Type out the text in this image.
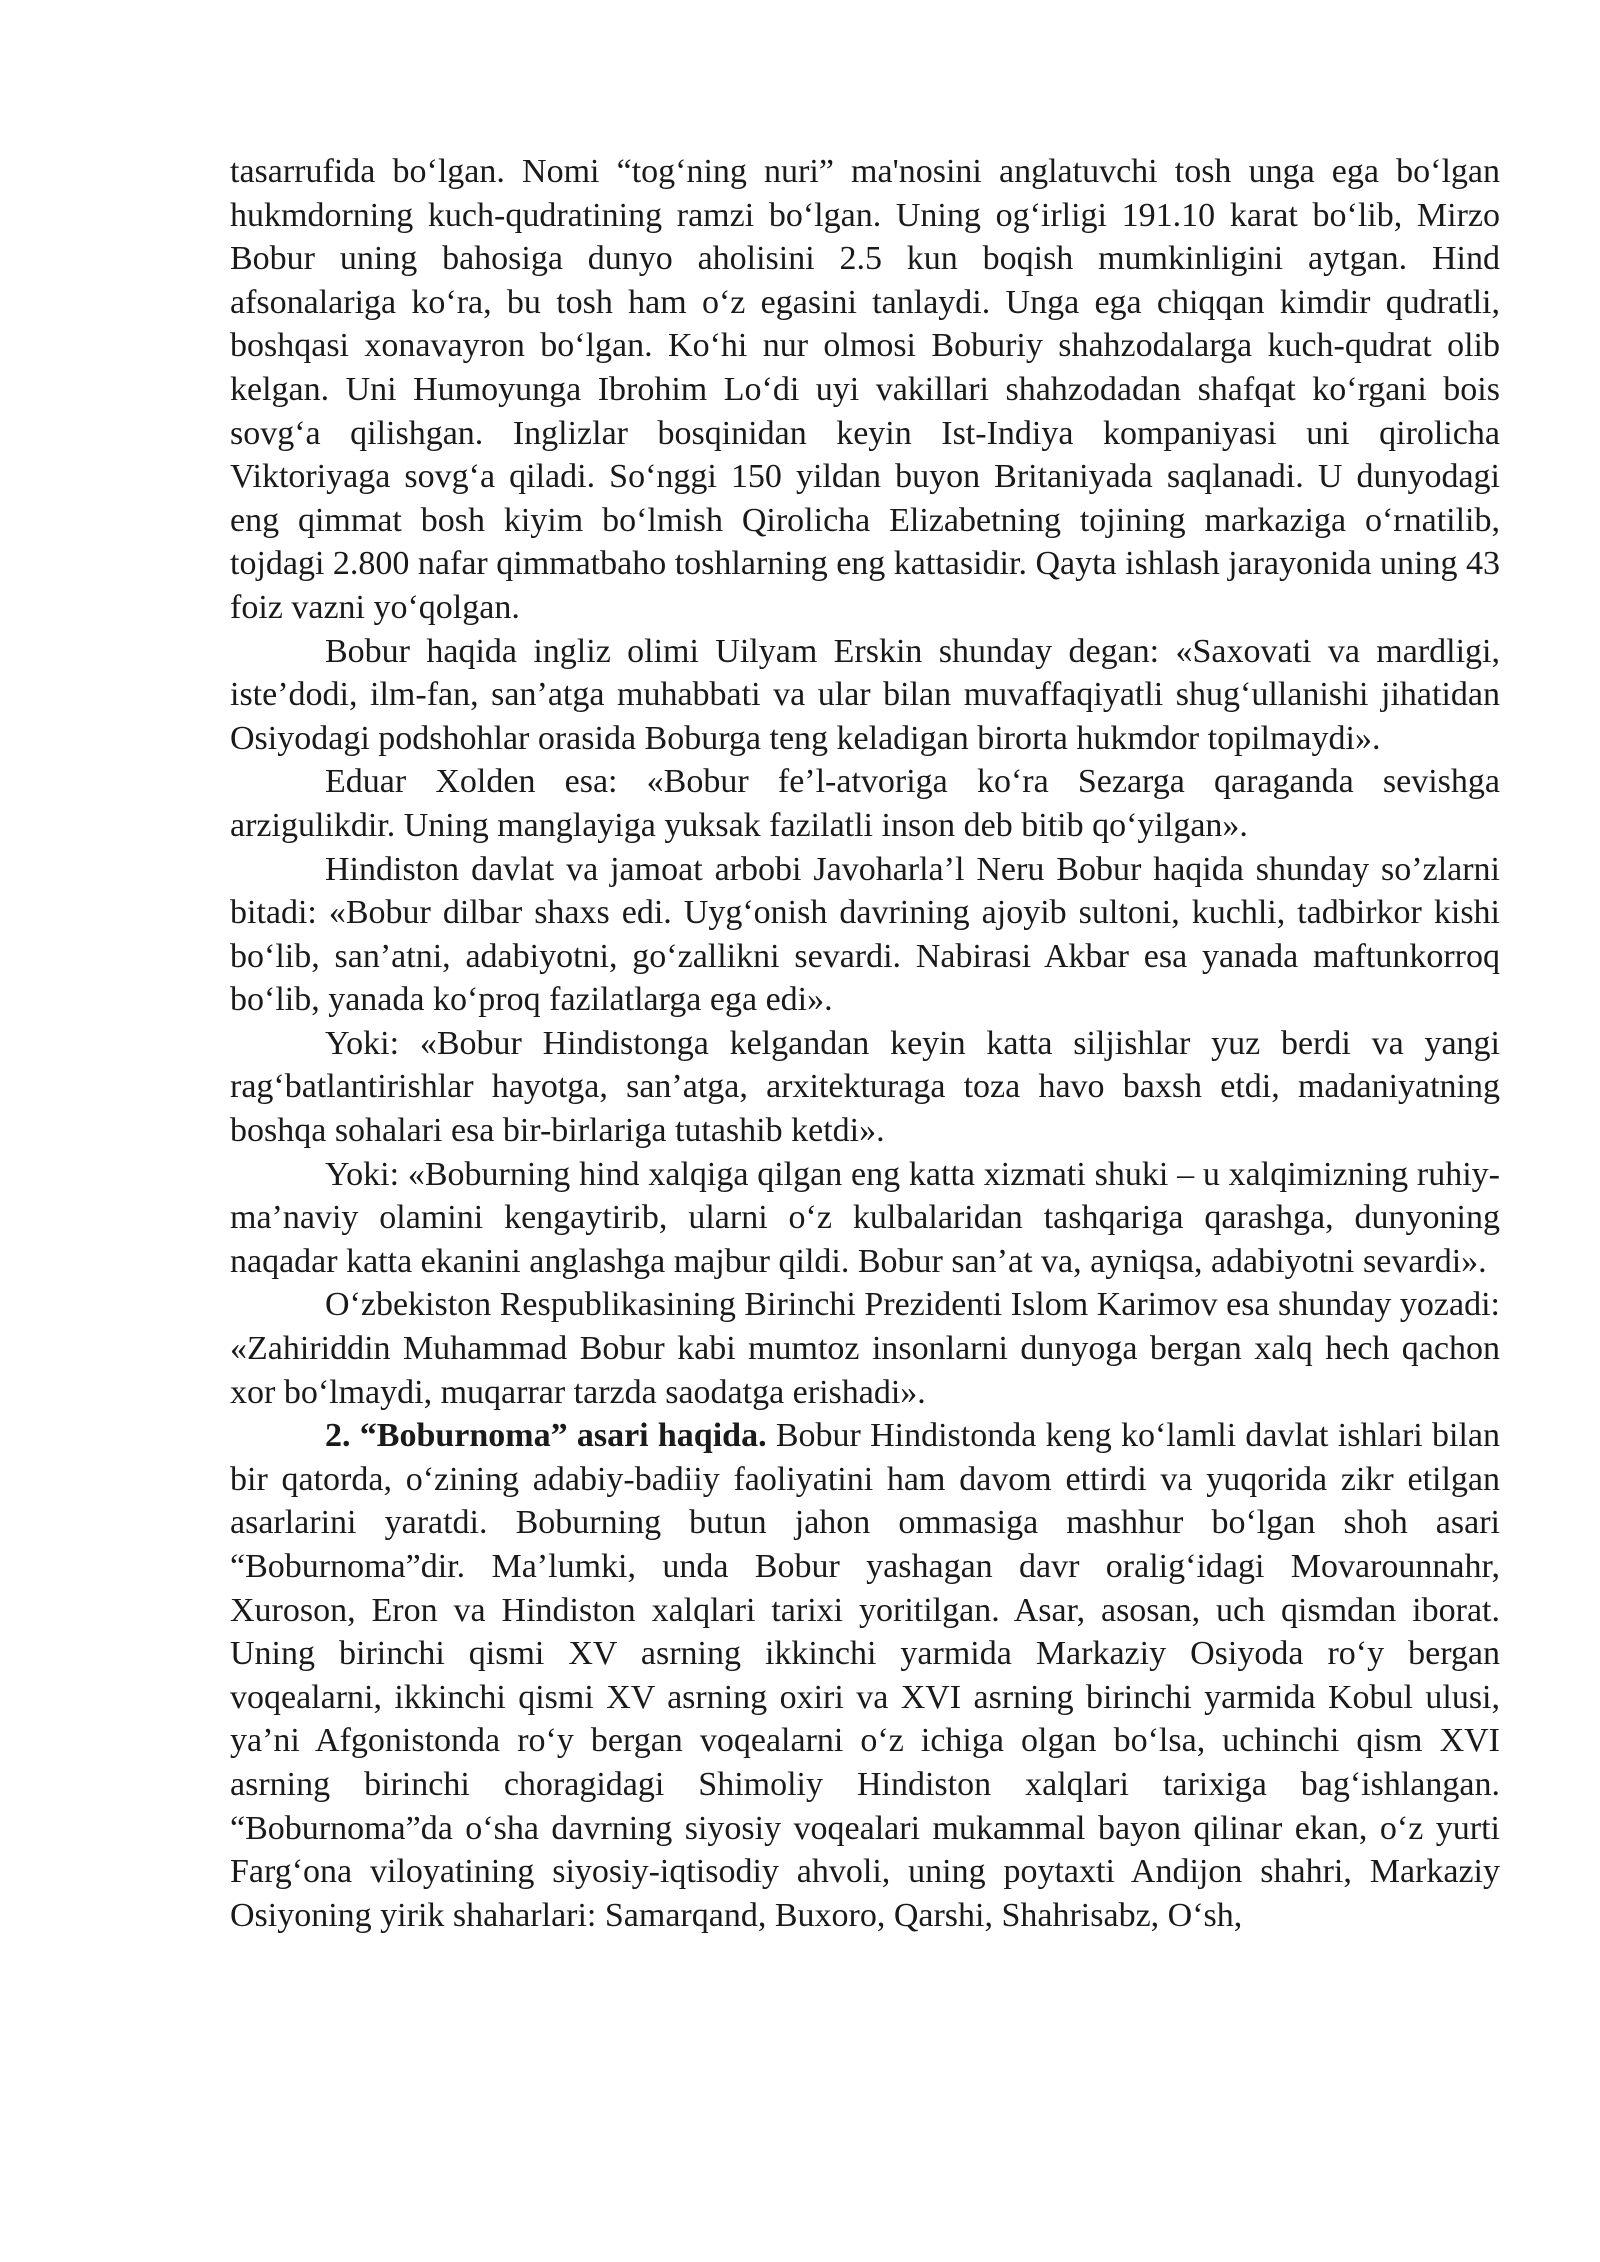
tasarrufida bo‘lgan. Nomi “tog‘ning nuri” ma'nosini anglatuvchi tosh unga ega bo‘lgan hukmdorning kuch-qudratining ramzi bo‘lgan. Uning og‘irligi 191.10 karat bo‘lib, Mirzo Bobur uning bahosiga dunyo aholisini 2.5 kun boqish mumkinligini aytgan. Hind afsonalariga ko‘ra, bu tosh ham o‘z egasini tanlaydi. Unga ega chiqqan kimdir qudratli, boshqasi xonavayron bo‘lgan. Ko‘hi nur olmosi Boburiy shahzodalarga kuch-qudrat olib kelgan. Uni Humoyunga Ibrohim Lo‘di uyi vakillari shahzodadan shafqat ko‘rgani bois sovg‘a qilishgan. Inglizlar bosqinidan keyin Ist-Indiya kompaniyasi uni qirolicha Viktoriyaga sovg‘a qiladi. So‘nggi 150 yildan buyon Britaniyada saqlanadi. U dunyodagi eng qimmat bosh kiyim bo‘lmish Qirolicha Elizabetning tojining markaziga o‘rnatilib, tojdagi 2.800 nafar qimmatbaho toshlarning eng kattasidir. Qayta ishlash jarayonida uning 43 foiz vazni yo‘qolgan.

Bobur haqida ingliz olimi Uilyam Erskin shunday degan: «Saxovati va mardligi, iste’dodi, ilm-fan, san’atga muhabbati va ular bilan muvaffaqiyatli shug‘ullanishi jihatidan Osiyodagi podshohlar orasida Boburga teng keladigan birorta hukmdor topilmaydi».

Eduar Xolden esa: «Bobur fe’l-atvoriga ko‘ra Sezarga qaraganda sevishga arzigulikdir. Uning manglayiga yuksak fazilatli inson deb bitib qo‘yilgan».

Hindiston davlat va jamoat arbobi Javoharla’l Neru Bobur haqida shunday so’zlarni bitadi: «Bobur dilbar shaxs edi. Uyg‘onish davrining ajoyib sultoni, kuchli, tadbirkor kishi bo‘lib, san’atni, adabiyotni, go‘zallikni sevardi. Nabirasi Akbar esa yanada maftunkorroq bo‘lib, yanada ko‘proq fazilatlarga ega edi».

Yoki: «Bobur Hindistonga kelgandan keyin katta siljishlar yuz berdi va yangi rag‘batlantirishlar hayotga, san’atga, arxitekturaga toza havo baxsh etdi, madaniyatning boshqa sohalari esa bir-birlariga tutashib ketdi».

Yoki: «Boburning hind xalqiga qilgan eng katta xizmati shuki – u xalqimizning ruhiy-ma’naviy olamini kengaytirib, ularni o‘z kulbalaridan tashqariga qarashga, dunyoning naqadar katta ekanini anglashga majbur qildi. Bobur san’at va, ayniqsa, adabiyotni sevardi».

O‘zbekiston Respublikasining Birinchi Prezidenti Islom Karimov esa shunday yozadi: «Zahiriddin Muhammad Bobur kabi mumtoz insonlarni dunyoga bergan xalq hech qachon xor bo‘lmaydi, muqarrar tarzda saodatga erishadi».

2. “Boburnoma” asari haqida. Bobur Hindistonda keng ko‘lamli davlat ishlari bilan bir qatorda, o‘zining adabiy-badiiy faoliyatini ham davom ettirdi va yuqorida zikr etilgan asarlarini yaratdi. Boburning butun jahon ommasiga mashhur bo‘lgan shoh asari “Boburnoma”dir. Ma’lumki, unda Bobur yashagan davr oralig‘idagi Movarounnahr, Xuroson, Eron va Hindiston xalqlari tarixi yoritilgan. Asar, asosan, uch qismdan iborat. Uning birinchi qismi XV asrning ikkinchi yarmida Markaziy Osiyoda ro‘y bergan voqealarni, ikkinchi qismi XV asrning oxiri va XVI asrning birinchi yarmida Kobul ulusi, ya’ni Afgonistonda ro‘y bergan voqealarni o‘z ichiga olgan bo‘lsa, uchinchi qism XVI asrning birinchi choragidagi Shimoliy Hindiston xalqlari tarixiga bag‘ishlangan. “Boburnoma”da o‘sha davrning siyosiy voqealari mukammal bayon qilinar ekan, o‘z yurti Farg‘ona viloyatining siyosiy-iqtisodiy ahvoli, uning poytaxti Andijon shahri, Markaziy Osiyoning yirik shaharlari: Samarqand, Buxoro, Qarshi, Shahrisabz, O‘sh,
